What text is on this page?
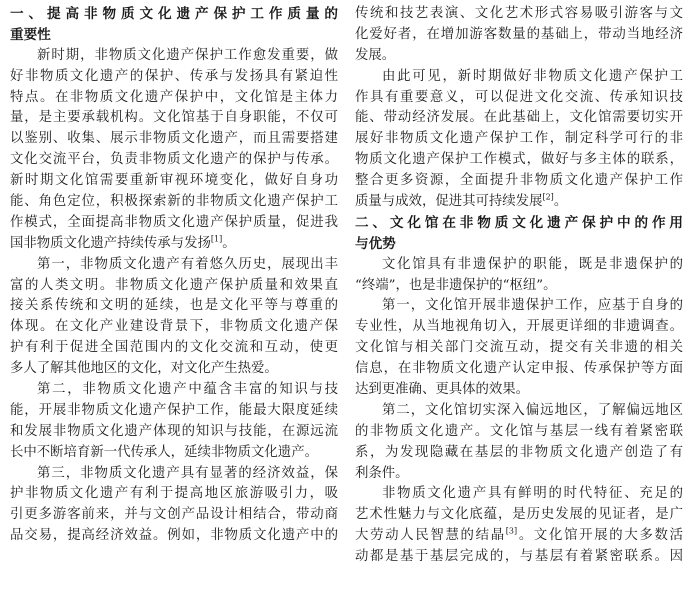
一、提高非物质文化遗产保护工作质量的
重要性
新时期，非物质文化遗产保护工作愈发重要，做
好非物质文化遗产的保护、传承与发扬具有紧迫性
特点。在非物质文化遗产保护中，文化馆是主体力
量，是主要承载机构。文化馆基于自身职能，不仅可
以鉴别、收集、展示非物质文化遗产，而且需要搭建
文化交流平台，负责非物质文化遗产的保护与传承。
新时期文化馆需要重新审视环境变化，做好自身功
能、角色定位，积极探索新的非物质文化遗产保护工
作模式，全面提高非物质文化遗产保护质量，促进我
国非物质文化遗产持续传承与发扬[1]。
第一，非物质文化遗产有着悠久历史，展现出丰
富的人类文明。非物质文化遗产保护质量和效果直
接关系传统和文明的延续，也是文化平等与尊重的
体现。在文化产业建设背景下，非物质文化遗产保
护有利于促进全国范围内的文化交流和互动，使更
多人了解其他地区的文化，对文化产生热爱。
第二，非物质文化遗产中蕴含丰富的知识与技
能，开展非物质文化遗产保护工作，能最大限度延续
和发展非物质文化遗产体现的知识与技能，在源远流
长中不断培育新一代传承人，延续非物质文化遗产。
第三，非物质文化遗产具有显著的经济效益，保
护非物质文化遗产有利于提高地区旅游吸引力，吸
引更多游客前来，并与文创产品设计相结合，带动商
品交易，提高经济效益。例如，非物质文化遗产中的
传统和技艺表演、文化艺术形式容易吸引游客与文
化爱好者，在增加游客数量的基础上，带动当地经济
发展。
由此可见，新时期做好非物质文化遗产保护工
作具有重要意义，可以促进文化交流、传承知识技
能、带动经济发展。在此基础上，文化馆需要切实开
展好非物质文化遗产保护工作，制定科学可行的非
物质文化遗产保护工作模式，做好与多主体的联系，
整合更多资源，全面提升非物质文化遗产保护工作
质量与成效，促进其可持续发展[2]。
二、文化馆在非物质文化遗产保护中的作用
与优势
文化馆具有非遗保护的职能，既是非遗保护的
“终端”，也是非遗保护的“枢纽”。
第一，文化馆开展非遗保护工作，应基于自身的
专业性，从当地视角切入，开展更详细的非遗调查。
文化馆与相关部门交流互动，提交有关非遗的相关
信息，在非物质文化遗产认定申报、传承保护等方面
达到更准确、更具体的效果。
第二，文化馆切实深入偏远地区，了解偏远地区
的非物质文化遗产。文化馆与基层一线有着紧密联
系，为发现隐藏在基层的非物质文化遗产创造了有
利条件。
非物质文化遗产具有鲜明的时代特征、充足的
艺术性魅力与文化底蕴，是历史发展的见证者，是广
大劳动人民智慧的结晶[3]。文化馆开展的大多数活
动都是基于基层完成的，与基层有着紧密联系。因
